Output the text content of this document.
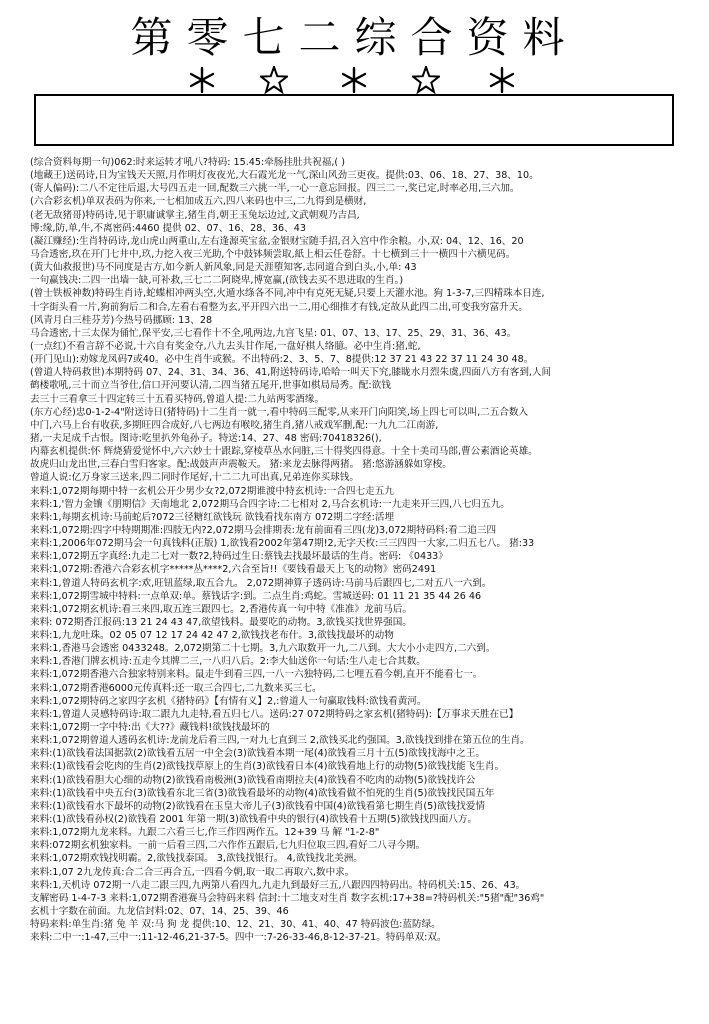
第零七二综合资料
(综合资料每期一句)062:时来运转才吼八?特码: 15.45:牵肠挂肚共祝福,( )
(地藏王)送码诗,日为宝钱天天照,月作明灯夜夜光,大石霞光龙一气,深山风劲三更夜。提供:03、06、18、27、38、10。
(寄人偏码):二八不定往后退,大号四五走一回,配数三六挑一半,一心一意忘回报。四三二一,奖已定,时率必用,三六加。
(六合彩玄机)单双表码为你来,一七相加成五六,四八来码也中三,二九得到是横财,
(老无敌猪哥)特码诗,见于职庸诚掌主,猪生肖,朝王玉兔坛边过,文武朝观乃吉昌,
博:缘,防,单,牛,不离密码:4460 提供 02、07、16、28、36、43
(凝江赚经):生肖特码诗,龙山虎山两重山,左右逢源英宝盆,金银财宝随手招,召入宫中作余粮。小,双: 04、12、16、20
马合透密,玖在开门七井中,玖,力挖入夜三光助,个中鼓钵频尝取,紙上相云任卷舒。十七横到三十一横四十六横见码。
(黄大仙救报世)马不同度是古方,如今新人新风象,同是天涯堕知客,志同道合到白头,小,单: 43
一句赢钱决:二四一出墙一缺,可补救,三七二二阿晓卑,博宽赢,(欲钱去买不思进取的生肖。)
(曾士铁板神数)特码生肖诗,蛇蝶相冲两头空,火遁水绦各不同,冲中有克死无疑,只要上天灌水池。狗 1-3-7,三四精珠本日连,
十字街头看一片,狗前狗后二和合,左看右看整为玄,平开四六出一二,用心细推才有钱,定故从此四二出,可变我穷富升天。
(风青月白三桂芬芳)今热号码挪顾: 13、28
马合透密,十三太保为俑忙,保平安,三七看作十不全,吼两边,九宫飞星: 01、07、13、17、25、29、31、36、43。
(一点红)不看言辞不必说,十六自有奖金夺,八九去头甘作尾,一盘好棋人络臆。必中生肖:猪,蛇,
(开门见山):劝嫁龙凤码7或40。必中生肖牛或猴。不出特码:2、3、5、7、8提供:12 37 21 43 22 37 11 24 30 48。
(曾道人特码救世)本期特码 07、24、31、34、36、41,附送特码诗,哈哈一叫天下究,膝眬水月烈朱虞,四面八方有客到,人间
鹤楼歌吼,三十而立当爷仕,信口开河要认清,二四当猪五尾开,世事如棋局局秀。配:欲钱
去三十三看拿三十四定转三十五看买特码,曾道人提:二九站两零酒缘。
(东方心经)忠0-1-2-4"附送诗日(猪特码)十二生肖一就一,看中特码三配零,从来开门向阳笑,场上四七可以叫,二五合数入
中门,六马上台有收获,多期旺四合成好,八七两边有喉咬,猪生肖,猪八戒戏军删,配:一九九二江南游,
猪,一夫足成千古恨。图诗:吃里扒外龟孙子。特送:14、27、48 密码:70418326(),
内幕玄机提供:怀 辉烧猜爱觉怀中,六六妙士十跟踪,穿棱草丛水问脏,三十得奖四得意。十全十美司马郎,曹公素酒论英雄。
故虎归山龙出世,三春白雪归客家。配:战鼓声声震鞍天。 猪:来龙去脉得两猪。 猪:悠游涵躲如穿梭。
曾道人说:亿万身家三送来,四二同时作尾好,十二二九可出真,兄弟连你买球钱。
来料:1,072期每期中特一玄机公开少男少女?2,072期谁渡中特玄机诗:一合四七走五九
来料:1,'智力金镶《朋期信》天南地北 2,072期马合四字诗:二七相对 2,马合玄机诗:一九走来开三四,八七归五九。
来料:1,每期玄机诗:马前蛇后?072三径糖红欲钱玩 欲钱看找东南方 072期二字经:活埋
来料:1,072期:四字中特期期准:四肢无内?2,072期马会排期表:龙有前面看三四(龙)3,072期特码料:看二追三四
来料:1,2006年072期马会一句真钱料(正版) 1,欲钱看2002年第47期!2,无字天枚:三三四四一大家,二归五七八。 猪:33
来料:1,072期五字真经:九走二七对一数?2,特码过生日:蔡钱去找最坏最话的生肖。密码: 《0433》
来料:1,072期:香港六合彩玄机字*****丛****2,六合至旨!!《要钱看最天上飞的动物》密码2491
来料:1,曾道人特码玄机字:欢,旺钮蓝绿,取五合九。 2,072期神算子透码诗:马前马后跟四七,二对五八一六到。
来料:1,072期雪城中特料:一点单双:单。蔡钱话字:到。二点生肖:鸡蛇。雪城送码: 01 11 21 35 44 26 46
来料:1,072期玄机诗:看三来四,取五连三跟四七。2,香港传真一句中特《准准》龙前马后。
来料: 072期香江报码:13 21 24 43 47,欲望钱料。最要吃的动物。3,欲钱买找世界强国。
来料:1,九龙吐珠。02 05 07 12 17 24 42 47 2,欲钱找老布什。3,欲钱找最坏的动物
来料:1,香港马会透密 0433248。2,072期第二十七期。3,九六取数开一九,二八到。大大小小走四方,二六到。
来料:1,香港门牌玄机诗:五走今其牌二三,一八归八后。2:李大仙送你一句话:生八走七合其数。
来料:1,072期香港六合独家特别来料。鼠走牛到看三四,一八一六独特码,二七哩五看今朝,直开不能看七一。
来料:1,072期香港6000元传真料:还一取三合四七,二九数来买三七。
来料:1,072期特码之家四字玄机《猪特码》【有情有义】2,:曾道人一句赢取钱料:欲钱看黄河。
来料:1,曾道人灵感特码诗:取二跟九九走特,看五归七八。送码:27 072期特码之家玄机(猪特码):【万事求天胜在已】
来料:1,072期一字中特:出《大??》藏钱料!欲钱找最坏的
来料:1,072期曾道人透码玄机诗:龙前龙后看三四,一对九七直到三 2,欲钱买北约强国。3,欲钱找到排在第五位的生肖。
来料:(1)欲钱看法国据款(2)欲钱看五居一中全会(3)欲钱看本期一尾(4)欲钱看三月十五(5)欲钱找海中之王。
来料:(1)欲钱看会吃肉的生肖(2)欲钱找草原上的生肖(3)欲钱看日本(4)欲钱看地上行的动物(5)欲钱找能飞生肖。
来料:(1)欲钱看胆大心细的动物(2)欲钱看南极洲(3)欲钱看南期拉夫(4)欲钱看不吃肉的动物(5)欲钱找许公
来料:(1)欲钱看中央五台(3)欲钱看东北三省(3)欲钱看最坏的动物(4)欲钱看做不怕死的生肖(5)欲钱找民国五年
来料:(1)欲钱看水下最坏的动物(2)欲钱看在玉皇大帝儿子(3)欲钱看中国(4)欲钱看第七期生肖(5)欲钱找爱情
来料:(1)欲钱看孙权(2)欲钱看 2001 年第一期(3)欲钱看中央的银行(4)欲钱看十五期(5)欲钱找四面八方。
来料:1,072期九龙来料。九跟二六看三七,作三作四两作五。12+39 马 解 "1-2-8"
来料:072期玄机独家料。一前一后看三四,二六作作五跟后,七九归位取三四,看好二八寻今期。
来料:1,072期欢钱找明霸。2,欲钱找泰国。 3,欲钱找银行。 4,欲钱找北美洲。
来料:1,07 2九龙传真:合二合三再合五,一四看今朝,取一取二再取六,数中求。
来料:1,天机诗 072期一八走二跟三四,九两第八看四九,九走九到最好三五,八跟四四特码出。特码机关:15、26、43。
支解密码 1-4-7-3 来料:1,072期香港赛马会特码来料 信封:十二地支对生肖 数字玄机:17+38=?特码机关:"5猪"配"36鸡"
玄机十字数在前面。九龙信封料:02、07、14、25、39、46
特码来料:单生肖:猪 兔 羊 双:马 狗 龙 提供:10、12、21、30、41、40、47 特码波色:蓝防绿。
来料:二中一:1-47,三中一:11-12-46,21-37-5。四中一:7-26-33-46,8-12-37-21。特码单双:双。
